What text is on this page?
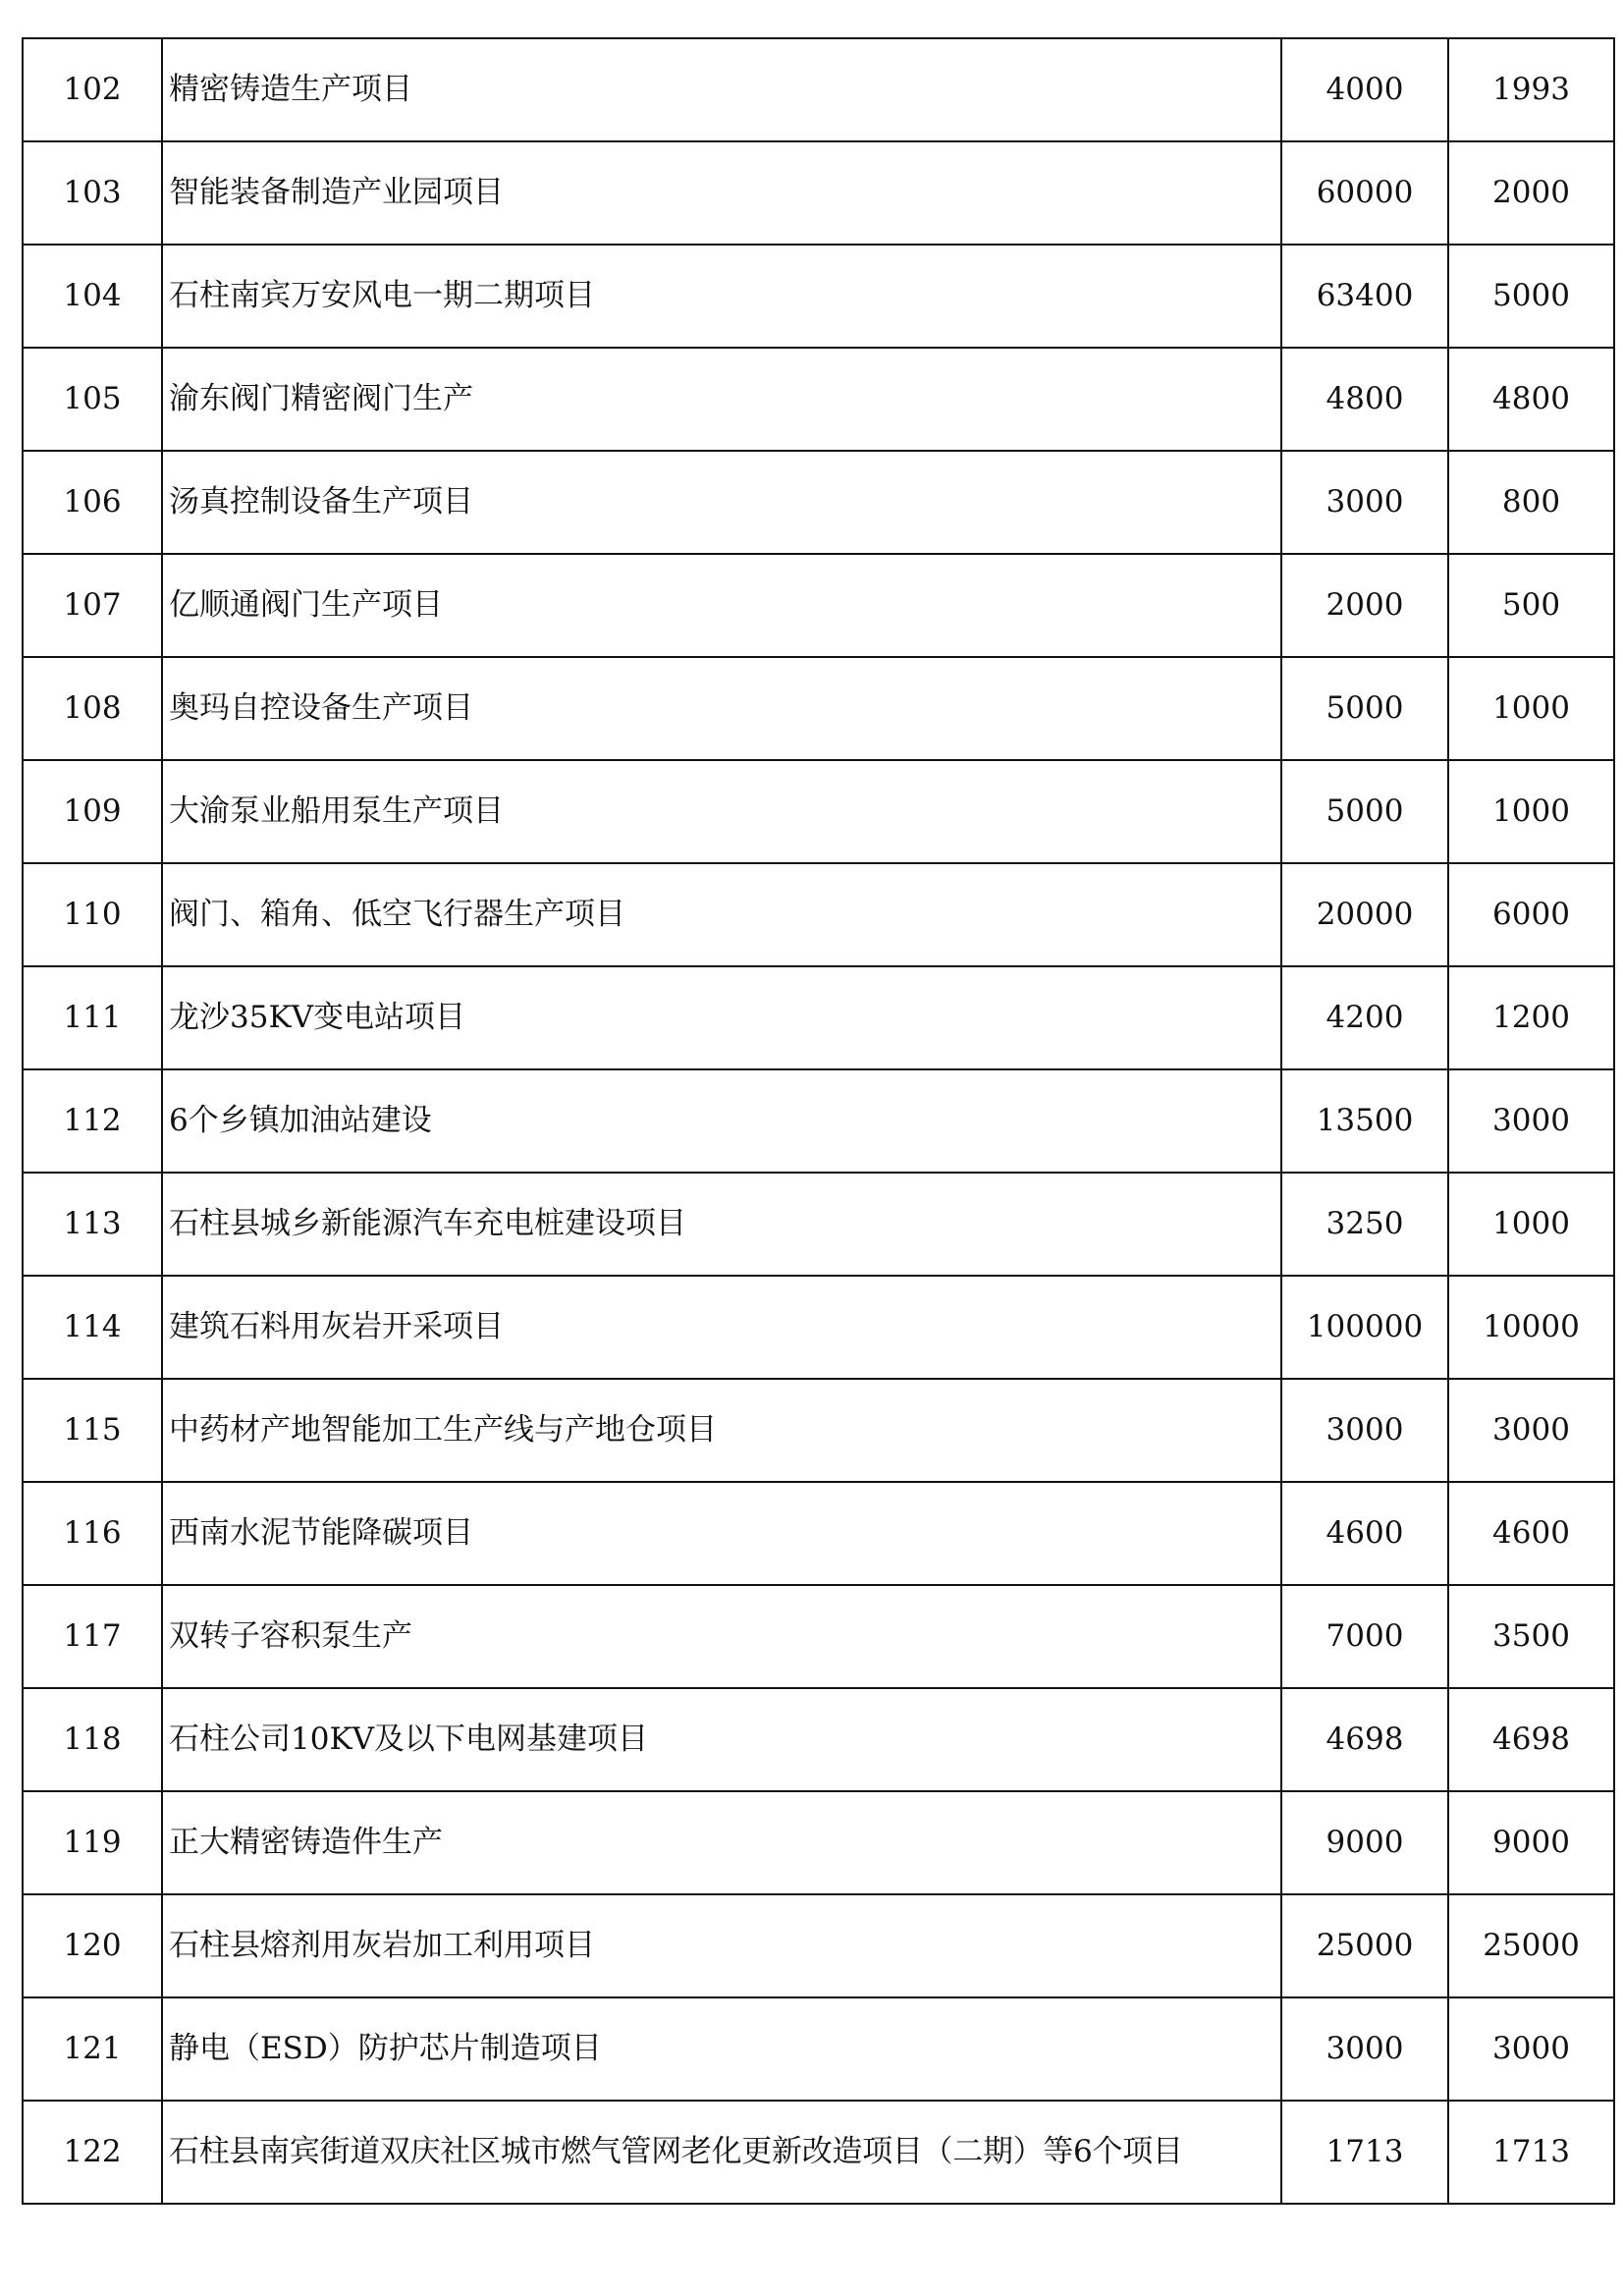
102	精密铸造生产项目	4000	1993
103	智能装备制造产业园项目	60000	2000
104	石柱南宾万安风电一期二期项目	63400	5000
105	渝东阀门精密阀门生产	4800	4800
106	汤真控制设备生产项目	3000	800
107	亿顺通阀门生产项目	2000	500
108	奥玛自控设备生产项目	5000	1000
109	大渝泵业船用泵生产项目	5000	1000
110	阀门、箱角、低空飞行器生产项目	20000	6000
111	龙沙35KV变电站项目	4200	1200
112	6个乡镇加油站建设	13500	3000
113	石柱县城乡新能源汽车充电桩建设项目	3250	1000
114	建筑石料用灰岩开采项目	100000	10000
115	中药材产地智能加工生产线与产地仓项目	3000	3000
116	西南水泥节能降碳项目	4600	4600
117	双转子容积泵生产	7000	3500
118	石柱公司10KV及以下电网基建项目	4698	4698
119	正大精密铸造件生产	9000	9000
120	石柱县熔剂用灰岩加工利用项目	25000	25000
121	静电（ESD）防护芯片制造项目	3000	3000
122	石柱县南宾街道双庆社区城市燃气管网老化更新改造项目（二期）等6个项目	1713	1713
